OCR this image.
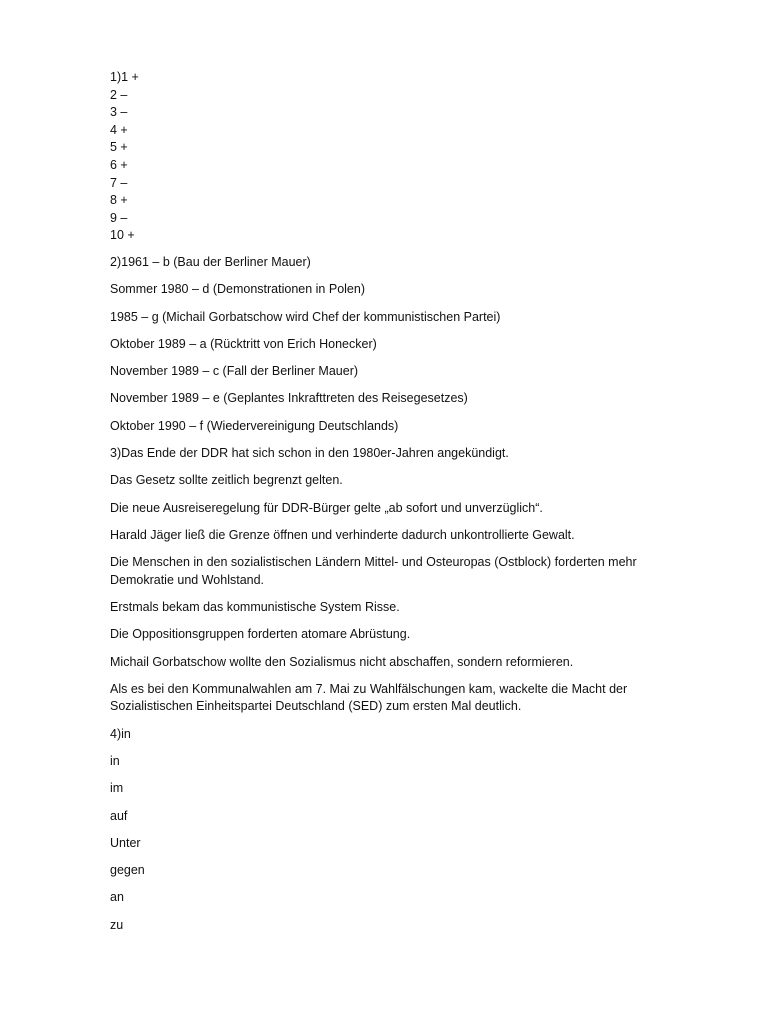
1)1 +
2 –
3 –
4 +
5 +
6 +
7 –
8 +
9 –
10 +
2)1961 – b (Bau der Berliner Mauer)
Sommer 1980 – d (Demonstrationen in Polen)
1985 – g (Michail Gorbatschow wird Chef der kommunistischen Partei)
Oktober 1989 – a (Rücktritt von Erich Honecker)
November 1989 – c (Fall der Berliner Mauer)
November 1989 – e (Geplantes Inkrafttreten des Reisegesetzes)
Oktober 1990 – f (Wiedervereinigung Deutschlands)
3)Das Ende der DDR hat sich schon in den 1980er-Jahren angekündigt.
Das Gesetz sollte zeitlich begrenzt gelten.
Die neue Ausreiseregelung für DDR-Bürger gelte „ab sofort und unverzüglich“.
Harald Jäger ließ die Grenze öffnen und verhinderte dadurch unkontrollierte Gewalt.
Die Menschen in den sozialistischen Ländern Mittel- und Osteuropas (Ostblock) forderten mehr Demokratie und Wohlstand.
Erstmals bekam das kommunistische System Risse.
Die Oppositionsgruppen forderten atomare Abrüstung.
Michail Gorbatschow wollte den Sozialismus nicht abschaffen, sondern reformieren.
Als es bei den Kommunalwahlen am 7. Mai zu Wahlfälschungen kam, wackelte die Macht der Sozialistischen Einheitspartei Deutschland (SED) zum ersten Mal deutlich.
4)in
in
im
auf
Unter
gegen
an
zu
